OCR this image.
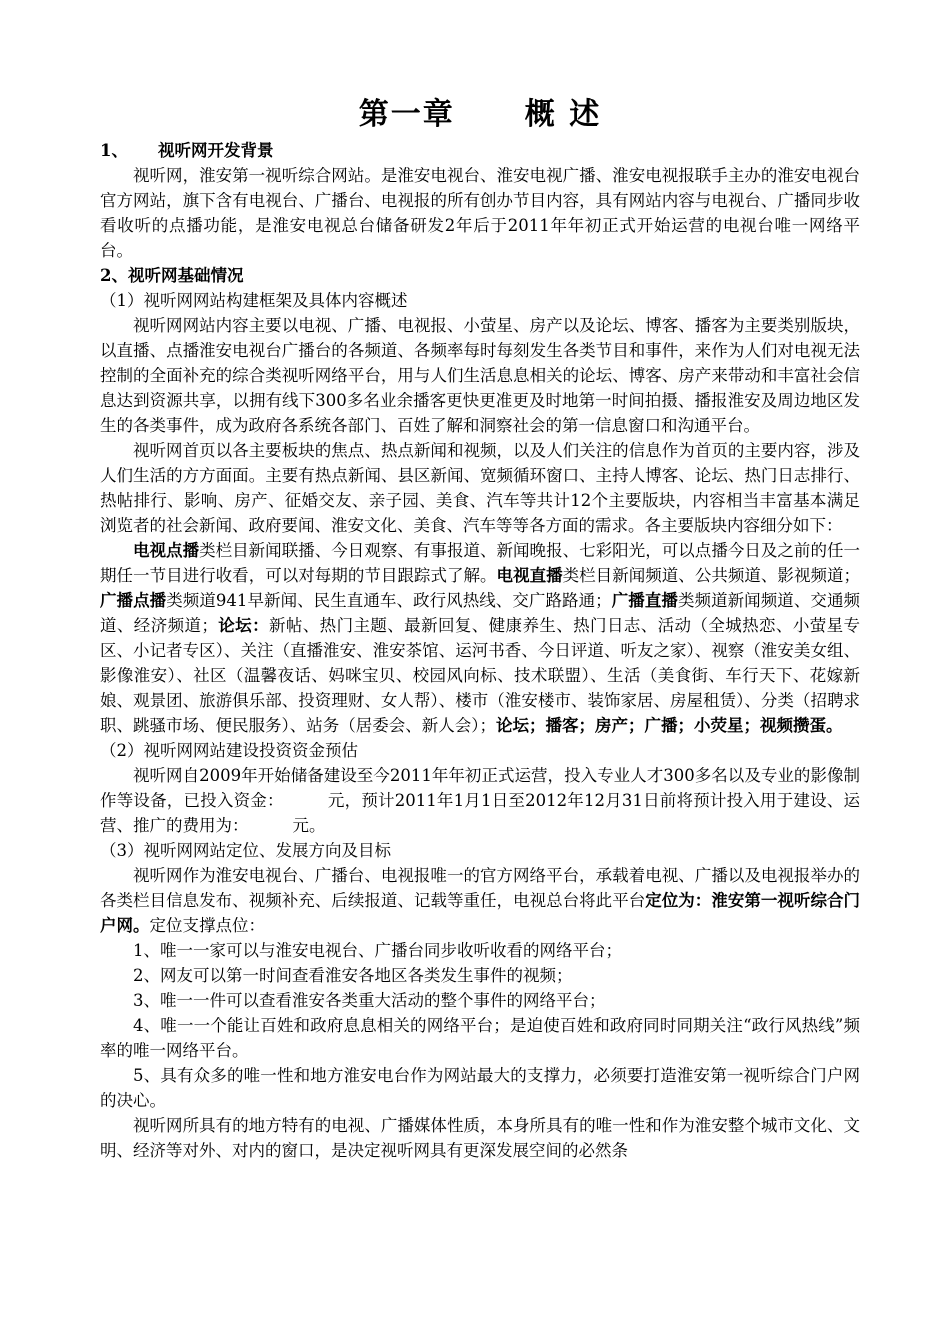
第一章 概 述
1、 视听网开发背景

视听网，淮安第一视听综合网站。是淮安电视台、淮安电视广播、淮安电视报联手主办的淮安电视台官方网站，旗下含有电视台、广播台、电视报的所有创办节目内容，具有网站内容与电视台、广播同步收看收听的点播功能，是淮安电视总台储备研发2年后于2011年年初正式开始运营的电视台唯一网络平台。

2、视听网基础情况
（1）视听网网站构建框架及具体内容概述

视听网网站内容主要以电视、广播、电视报、小萤星、房产以及论坛、博客、播客为主要类别版块，以直播、点播淮安电视台广播台的各频道、各频率每时每刻发生各类节目和事件，来作为人们对电视无法控制的全面补充的综合类视听网络平台，用与人们生活息息相关的论坛、博客、房产来带动和丰富社会信息达到资源共享，以拥有线下300多名业余播客更快更准更及时地第一时间拍摄、播报淮安及周边地区发生的各类事件，成为政府各系统各部门、百姓了解和洞察社会的第一信息窗口和沟通平台。

视听网首页以各主要板块的焦点、热点新闻和视频，以及人们关注的信息作为首页的主要内容，涉及人们生活的方方面面。主要有热点新闻、县区新闻、宽频循环窗口、主持人博客、论坛、热门日志排行、热帖排行、影响、房产、征婚交友、亲子园、美食、汽车等共计12个主要版块，内容相当丰富基本满足浏览者的社会新闻、政府要闻、淮安文化、美食、汽车等等各方面的需求。各主要版块内容细分如下：

电视点播类栏目新闻联播、今日观察、有事报道、新闻晚报、七彩阳光，可以点播今日及之前的任一期任一节目进行收看，可以对每期的节目跟踪式了解。电视直播类栏目新闻频道、公共频道、影视频道；广播点播类频道941早新闻、民生直通车、政行风热线、交广路路通；广播直播类频道新闻频道、交通频道、经济频道；论坛：新帖、热门主题、最新回复、健康养生、热门日志、活动（全城热恋、小萤星专区、小记者专区）、关注（直播淮安、淮安茶馆、运河书香、今日评道、听友之家）、视察（淮安美女组、影像淮安）、社区（温馨夜话、妈咪宝贝、校园风向标、技术联盟）、生活（美食街、车行天下、花嫁新娘、观景团、旅游俱乐部、投资理财、女人帮）、楼市（淮安楼市、装饰家居、房屋租赁）、分类（招聘求职、跳骚市场、便民服务）、站务（居委会、新人会）；论坛；播客；房产；广播；小荧星；视频攒蛋。

（2）视听网网站建设投资资金预估

视听网自2009年开始储备建设至今2011年年初正式运营，投入专业人才300多名以及专业的影像制作等设备，已投入资金：	元，预计2011年1月1日至2012年12月31日前将预计投入用于建设、运营、推广的费用为：	元。

（3）视听网网站定位、发展方向及目标

视听网作为淮安电视台、广播台、电视报唯一的官方网络平台，承载着电视、广播以及电视报举办的各类栏目信息发布、视频补充、后续报道、记载等重任，电视总台将此平台定位为：淮安第一视听综合门户网。定位支撑点位：

1、唯一一家可以与淮安电视台、广播台同步收听收看的网络平台；

2、网友可以第一时间查看淮安各地区各类发生事件的视频；

3、唯一一件可以查看淮安各类重大活动的整个事件的网络平台；

4、唯一一个能让百姓和政府息息相关的网络平台；是迫使百姓和政府同时同期关注“政行风热线”频率的唯一网络平台。

5、具有众多的唯一性和地方淮安电台作为网站最大的支撑力，必须要打造淮安第一视听综合门户网的决心。

视听网所具有的地方特有的电视、广播媒体性质，本身所具有的唯一性和作为淮安整个城市文化、文明、经济等对外、对内的窗口，是决定视听网具有更深发展空间的必然条
